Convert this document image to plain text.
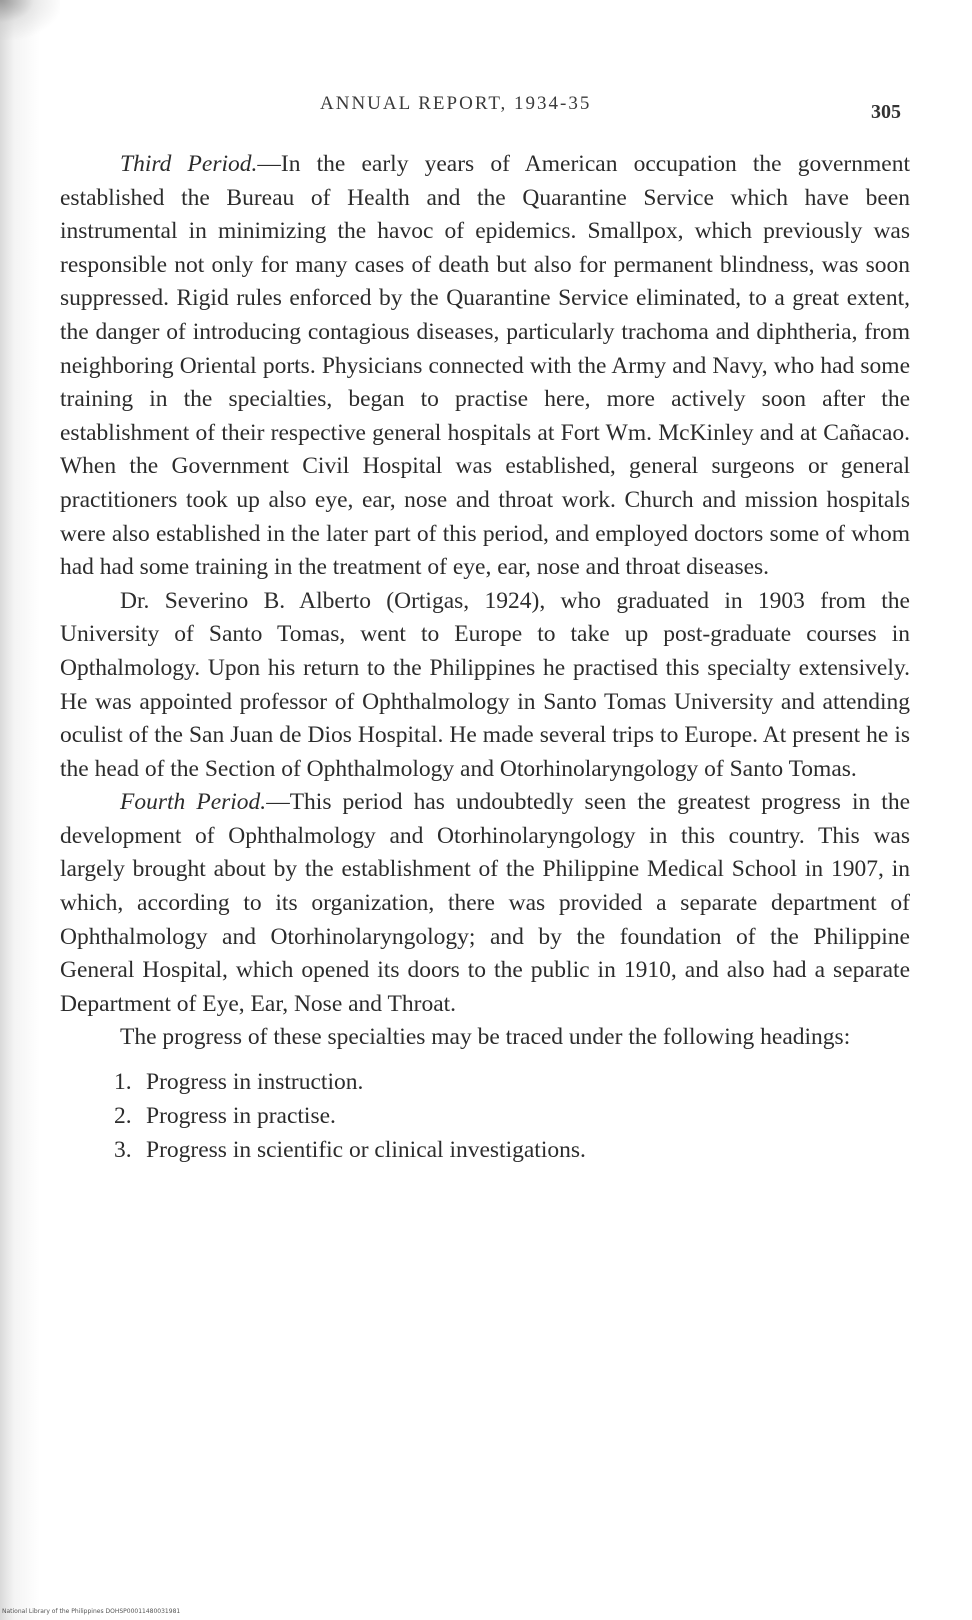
ANNUAL REPORT, 1934-35	305

Third Period.—In the early years of American occupation the government established the Bureau of Health and the Quarantine Service which have been instrumental in minimizing the havoc of epidemics. Smallpox, which previously was responsible not only for many cases of death but also for permanent blindness, was soon suppressed. Rigid rules enforced by the Quarantine Service eliminated, to a great extent, the danger of introducing contagious diseases, particularly trachoma and diphtheria, from neighboring Oriental ports. Physicians connected with the Army and Navy, who had some training in the specialties, began to practise here, more actively soon after the establishment of their respective general hospitals at Fort Wm. McKinley and at Cañacao. When the Government Civil Hospital was established, general surgeons or general practitioners took up also eye, ear, nose and throat work. Church and mission hospitals were also established in the later part of this period, and employed doctors some of whom had had some training in the treatment of eye, ear, nose and throat diseases.

Dr. Severino B. Alberto (Ortigas, 1924), who graduated in 1903 from the University of Santo Tomas, went to Europe to take up post-graduate courses in Opthalmology. Upon his return to the Philippines he practised this specialty extensively. He was appointed professor of Ophthalmology in Santo Tomas University and attending oculist of the San Juan de Dios Hospital. He made several trips to Europe. At present he is the head of the Section of Ophthalmology and Otorhinolaryngology of Santo Tomas.

Fourth Period.—This period has undoubtedly seen the greatest progress in the development of Ophthalmology and Otorhinolaryngology in this country. This was largely brought about by the establishment of the Philippine Medical School in 1907, in which, according to its organization, there was provided a separate department of Ophthalmology and Otorhinolaryngology; and by the foundation of the Philippine General Hospital, which opened its doors to the public in 1910, and also had a separate Department of Eye, Ear, Nose and Throat.

The progress of these specialties may be traced under the following headings:

1. Progress in instruction.
2. Progress in practise.
3. Progress in scientific or clinical investigations.
National Library of the Philippines DOHSP00011480031981
